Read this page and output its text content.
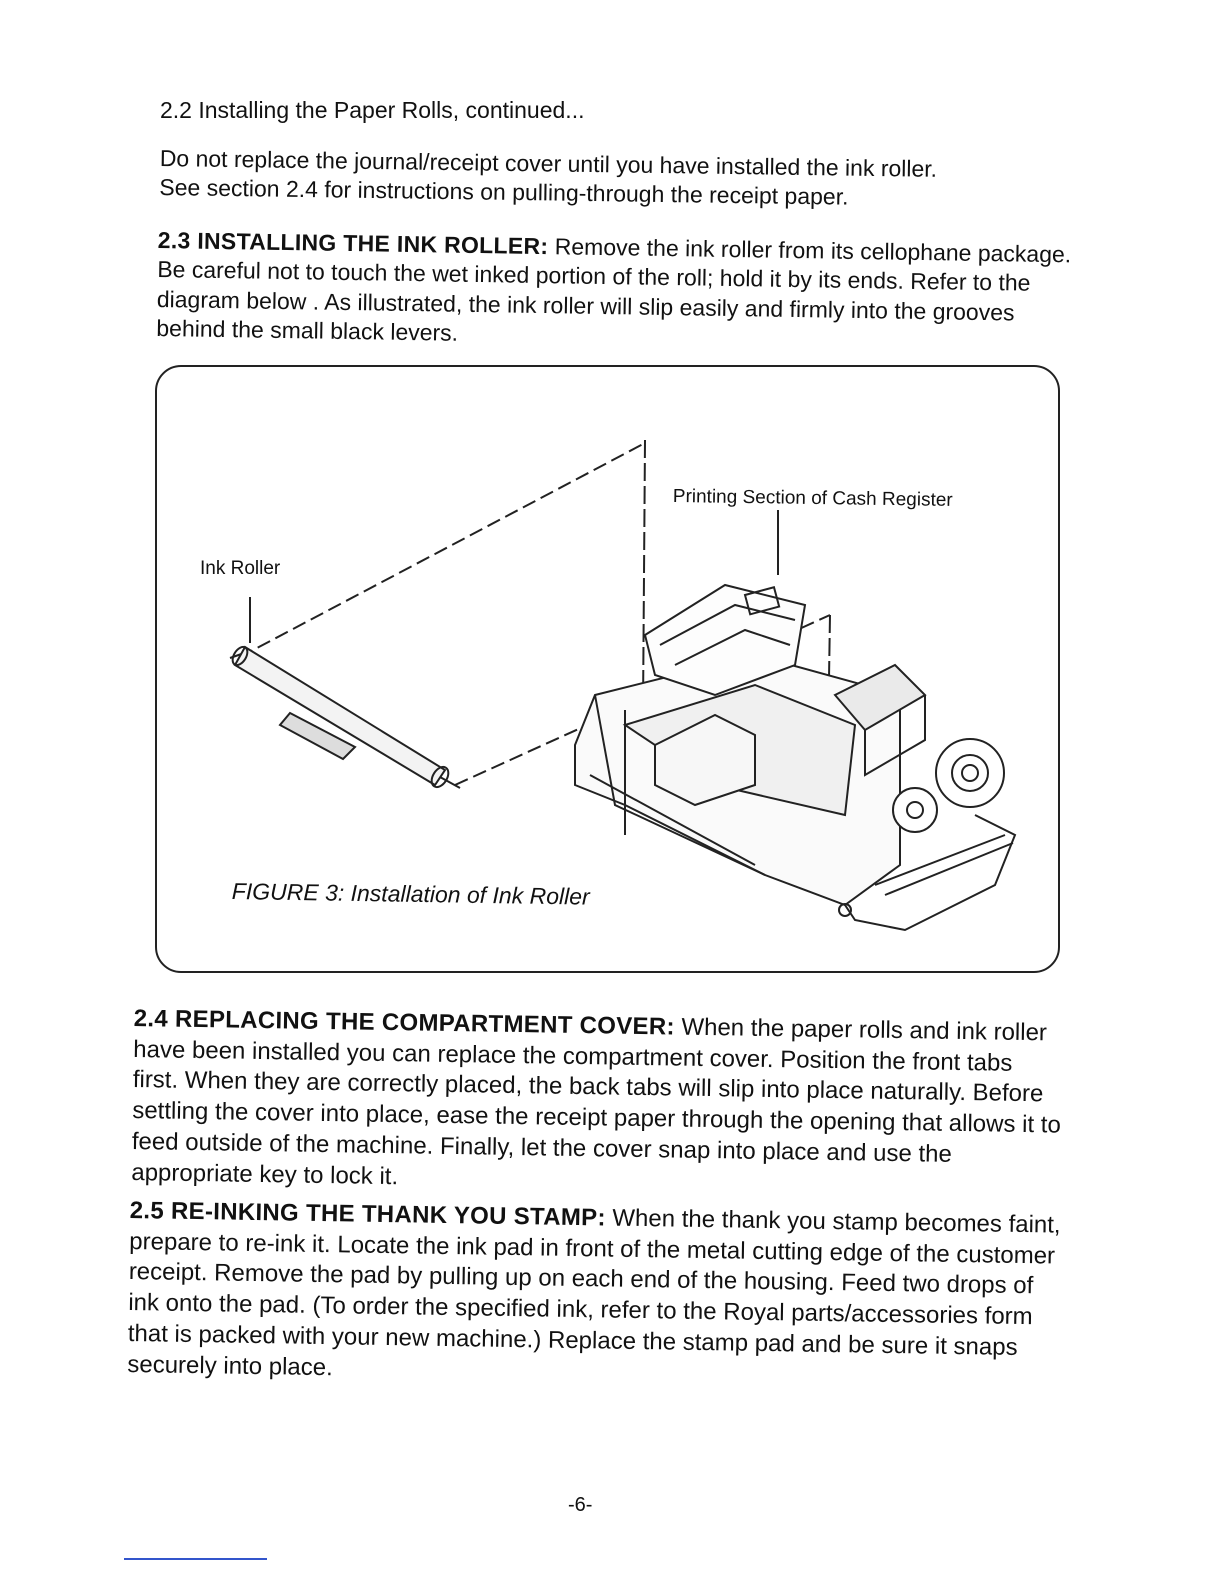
2.2 Installing the Paper Rolls, continued...

Do not replace the journal/receipt cover until you have installed the ink roller.
See section 2.4 for instructions on pulling-through the receipt paper.

2.3 INSTALLING THE INK ROLLER: Remove the ink roller from its cellophane package. Be careful not to touch the wet inked portion of the roll; hold it by its ends. Refer to the diagram below . As illustrated, the ink roller will slip easily and firmly into the grooves behind the small black levers.

Ink Roller
Printing Section of Cash Register
FIGURE 3: Installation of Ink Roller

2.4 REPLACING THE COMPARTMENT COVER: When the paper rolls and ink roller have been installed you can replace the compartment cover. Position the front tabs first. When they are correctly placed, the back tabs will slip into place naturally. Before settling the cover into place, ease the receipt paper through the opening that allows it to feed outside of the machine. Finally, let the cover snap into place and use the appropriate key to lock it.

2.5 RE-INKING THE THANK YOU STAMP: When the thank you stamp becomes faint, prepare to re-ink it. Locate the ink pad in front of the metal cutting edge of the customer receipt. Remove the pad by pulling up on each end of the housing. Feed two drops of ink onto the pad. (To order the specified ink, refer to the Royal parts/accessories form that is packed with your new machine.) Replace the stamp pad and be sure it snaps securely into place.

-6-
